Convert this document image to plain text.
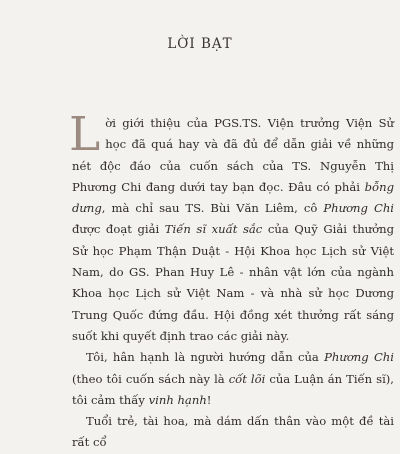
LỜI BẠT

Lời giới thiệu của PGS.TS. Viện trưởng Viện Sử học đã quá hay và đã đủ để dẫn giải về những nét độc đáo của cuốn sách của TS. Nguyễn Thị Phương Chi đang dưới tay bạn đọc. Đâu có phải bỗng dưng, mà chỉ sau TS. Bùi Văn Liêm, cô Phương Chi được đoạt giải Tiến sĩ xuất sắc của Quỹ Giải thưởng Sử học Phạm Thận Duật - Hội Khoa học Lịch sử Việt Nam, do GS. Phan Huy Lê - nhân vật lớn của ngành Khoa học Lịch sử Việt Nam - và nhà sử học Dương Trung Quốc đứng đầu. Hội đồng xét thưởng rất sáng suốt khi quyết định trao các giải này.

Tôi, hân hạnh là người hướng dẫn của Phương Chi (theo tôi cuốn sách này là cốt lõi của Luận án Tiến sĩ), tôi cảm thấy vinh hạnh!

Tuổi trẻ, tài hoa, mà dám dấn thân vào một đề tài rất cổ
